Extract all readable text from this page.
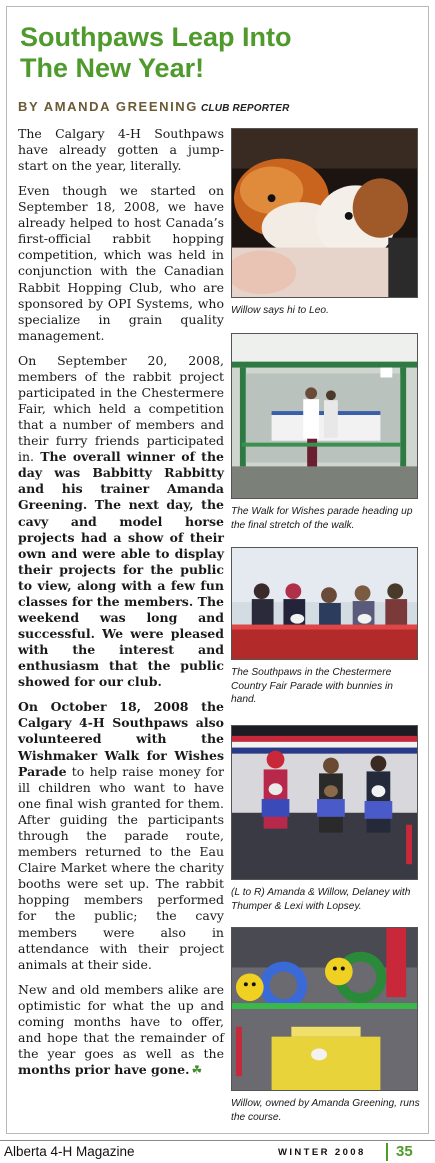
Southpaws Leap Into The New Year!
BY AMANDA GREENING CLUB REPORTER

The Calgary 4-H Southpaws have already gotten a jump-start on the year, literally.

Even though we started on September 18, 2008, we have already helped to host Canada’s first-official rabbit hopping competition, which was held in conjunction with the Canadian Rabbit Hopping Club, who are sponsored by OPI Systems, who specialize in grain quality management.

On September 20, 2008, members of the rabbit project participated in the Chestermere Fair, which held a competition that a number of members and their furry friends participated in. The overall winner of the day was Babbitty Rabbitty and his trainer Amanda Greening. The next day, the cavy and model horse projects had a show of their own and were able to display their projects for the public to view, along with a few fun classes for the members. The weekend was long and successful. We were pleased with the interest and enthusiasm that the public showed for our club.

On October 18, 2008 the Calgary 4-H Southpaws also volunteered with the Wishmaker Walk for Wishes Parade to help raise money for ill children who want to have one final wish granted for them. After guiding the participants through the parade route, members returned to the Eau Claire Market where the charity booths were set up. The rabbit hopping members performed for the public; the cavy members were also in attendance with their project animals at their side.

New and old members alike are optimistic for what the up and coming months have to offer, and hope that the remainder of the year goes as well as the months prior have gone. ☘

Willow says hi to Leo.
The Walk for Wishes parade heading up the final stretch of the walk.
The Southpaws in the Chestermere Country Fair Parade with bunnies in hand.
(L to R) Amanda & Willow, Delaney with Thumper & Lexi with Lopsey.
Willow, owned by Amanda Greening, runs the course.
Alberta 4-H Magazine	WINTER 2008 35
